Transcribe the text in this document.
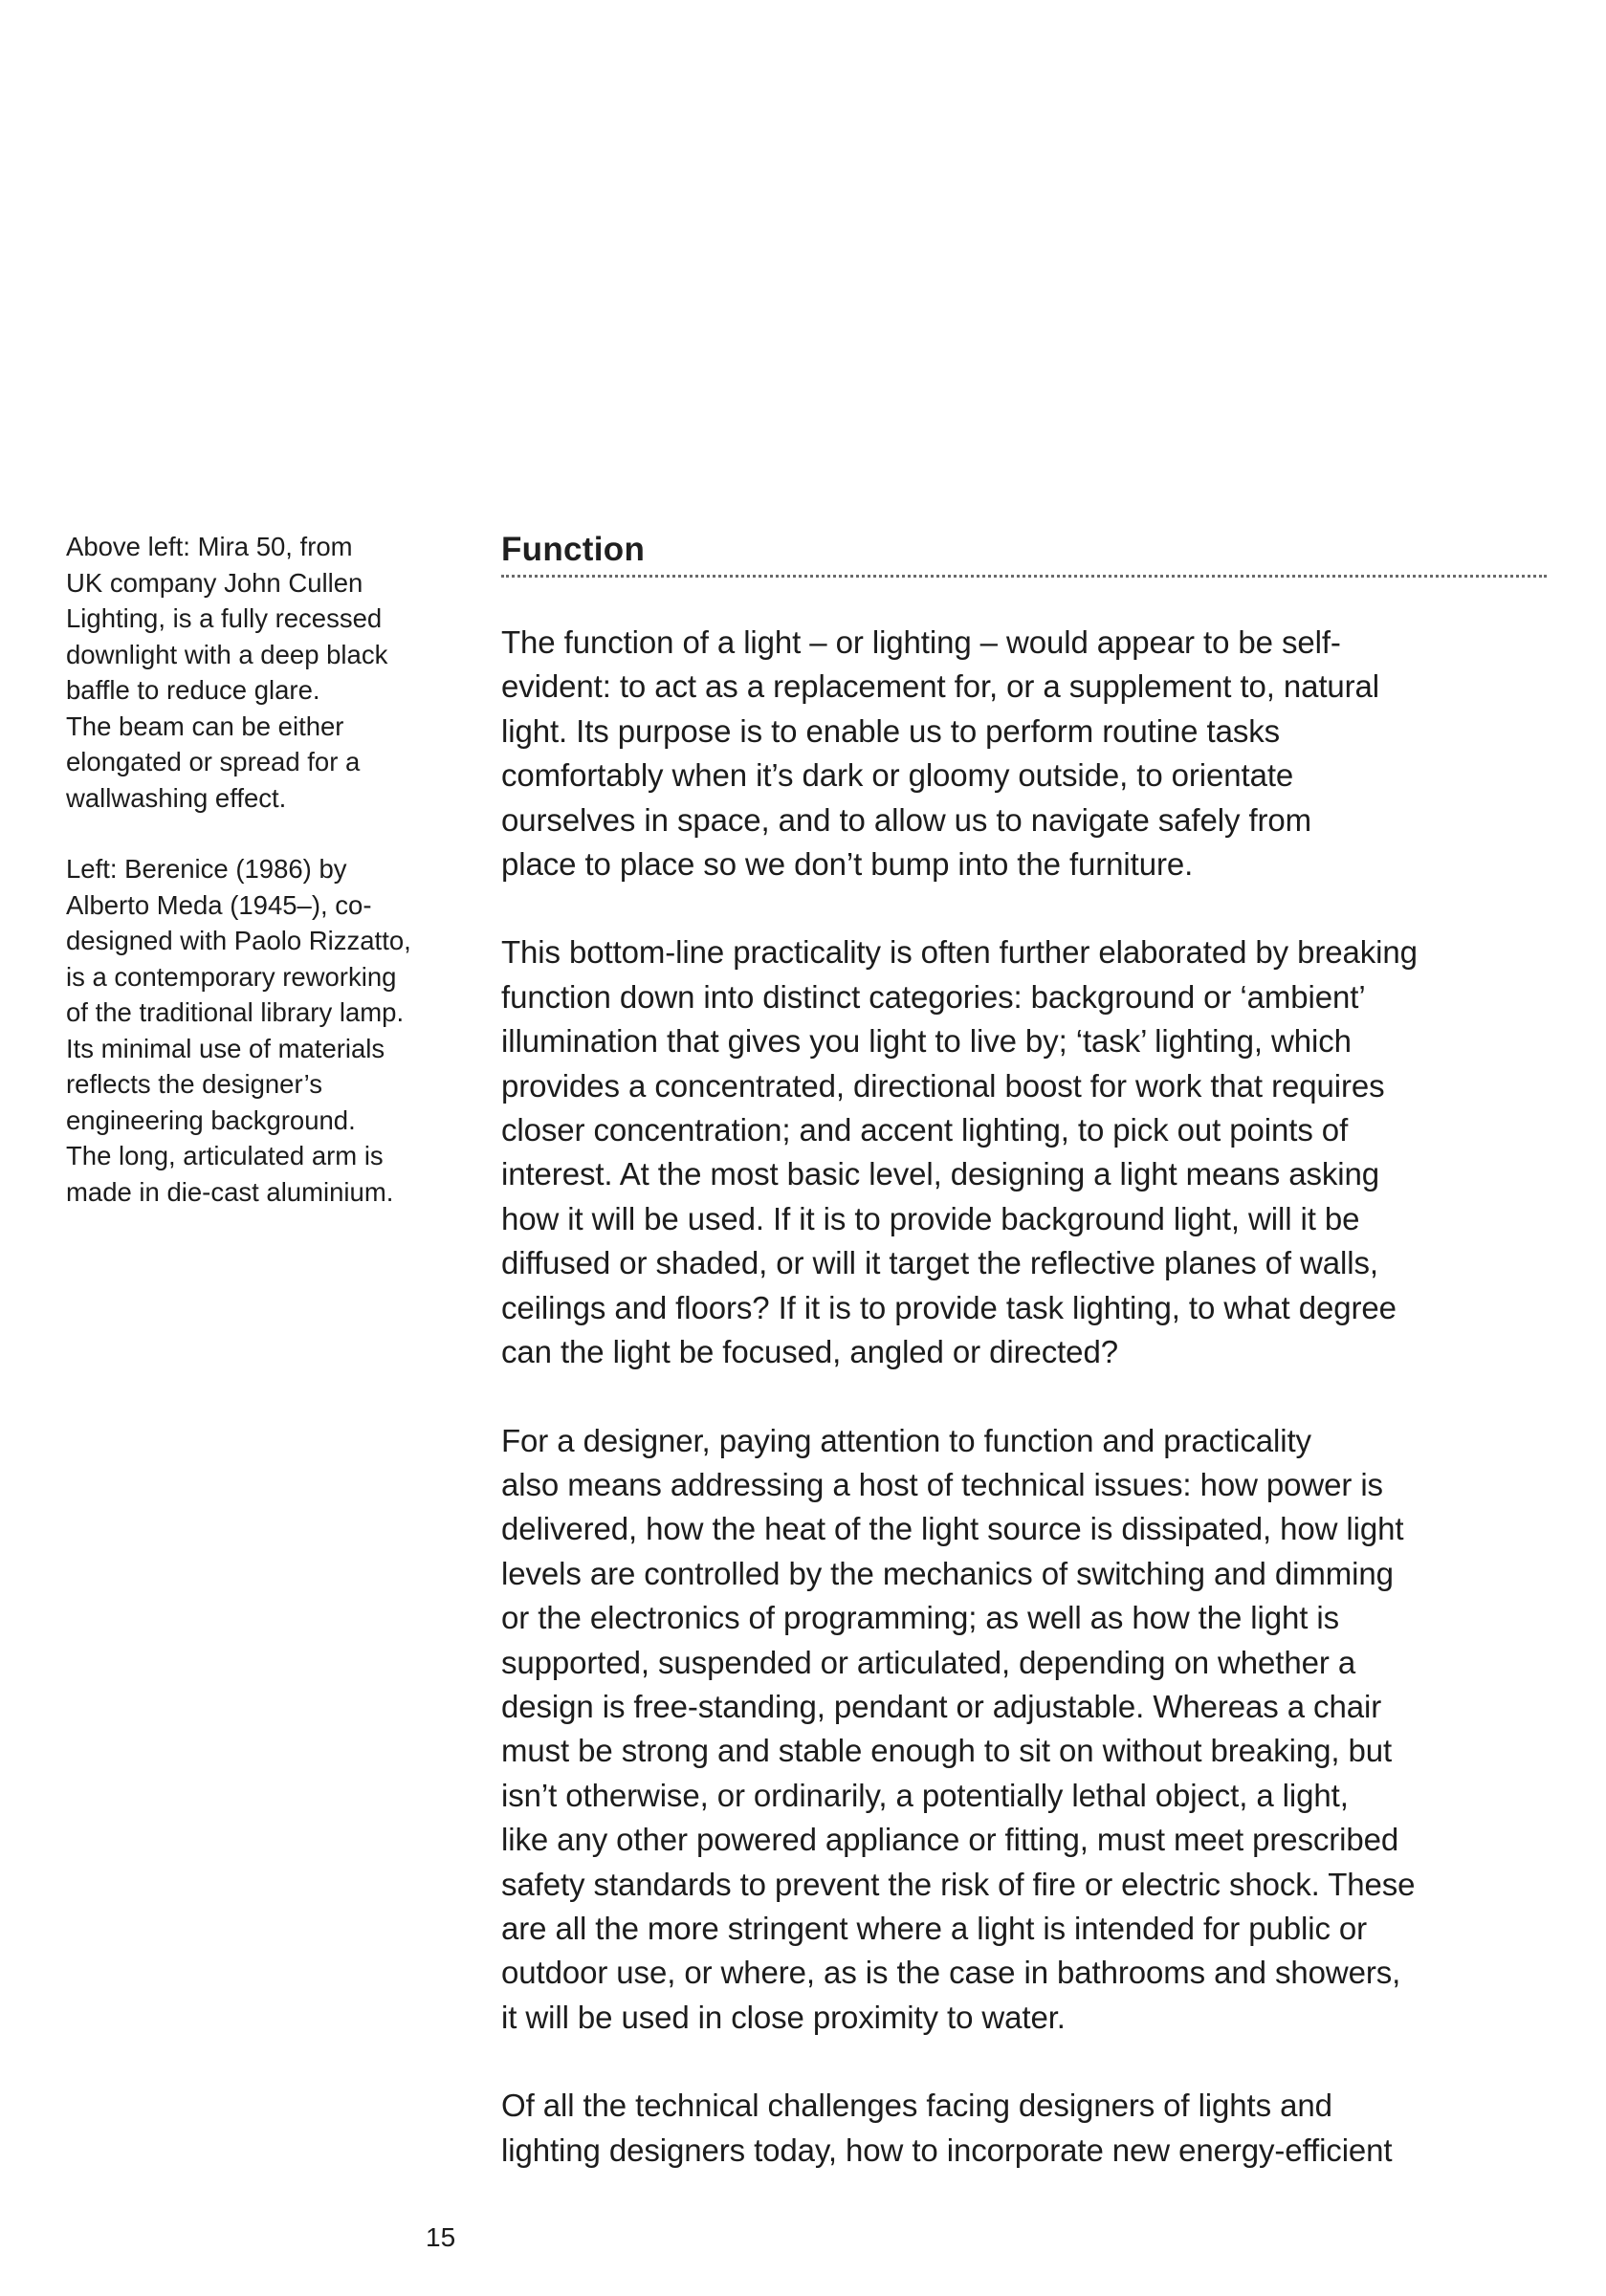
Above left: Mira 50, from
UK company John Cullen
Lighting, is a fully recessed
downlight with a deep black
baffle to reduce glare.
The beam can be either
elongated or spread for a
wallwashing effect.

Left: Berenice (1986) by
Alberto Meda (1945–), co-
designed with Paolo Rizzatto,
is a contemporary reworking
of the traditional library lamp.
Its minimal use of materials
reflects the designer’s
engineering background.
The long, articulated arm is
made in die-cast aluminium.

Function

The function of a light – or lighting – would appear to be self-
evident: to act as a replacement for, or a supplement to, natural
light. Its purpose is to enable us to perform routine tasks
comfortably when it’s dark or gloomy outside, to orientate
ourselves in space, and to allow us to navigate safely from
place to place so we don’t bump into the furniture.

This bottom-line practicality is often further elaborated by breaking
function down into distinct categories: background or ‘ambient’
illumination that gives you light to live by; ‘task’ lighting, which
provides a concentrated, directional boost for work that requires
closer concentration; and accent lighting, to pick out points of
interest. At the most basic level, designing a light means asking
how it will be used. If it is to provide background light, will it be
diffused or shaded, or will it target the reflective planes of walls,
ceilings and floors? If it is to provide task lighting, to what degree
can the light be focused, angled or directed?

For a designer, paying attention to function and practicality
also means addressing a host of technical issues: how power is
delivered, how the heat of the light source is dissipated, how light
levels are controlled by the mechanics of switching and dimming
or the electronics of programming; as well as how the light is
supported, suspended or articulated, depending on whether a
design is free-standing, pendant or adjustable. Whereas a chair
must be strong and stable enough to sit on without breaking, but
isn’t otherwise, or ordinarily, a potentially lethal object, a light,
like any other powered appliance or fitting, must meet prescribed
safety standards to prevent the risk of fire or electric shock. These
are all the more stringent where a light is intended for public or
outdoor use, or where, as is the case in bathrooms and showers,
it will be used in close proximity to water.

Of all the technical challenges facing designers of lights and
lighting designers today, how to incorporate new energy-efficient

15
